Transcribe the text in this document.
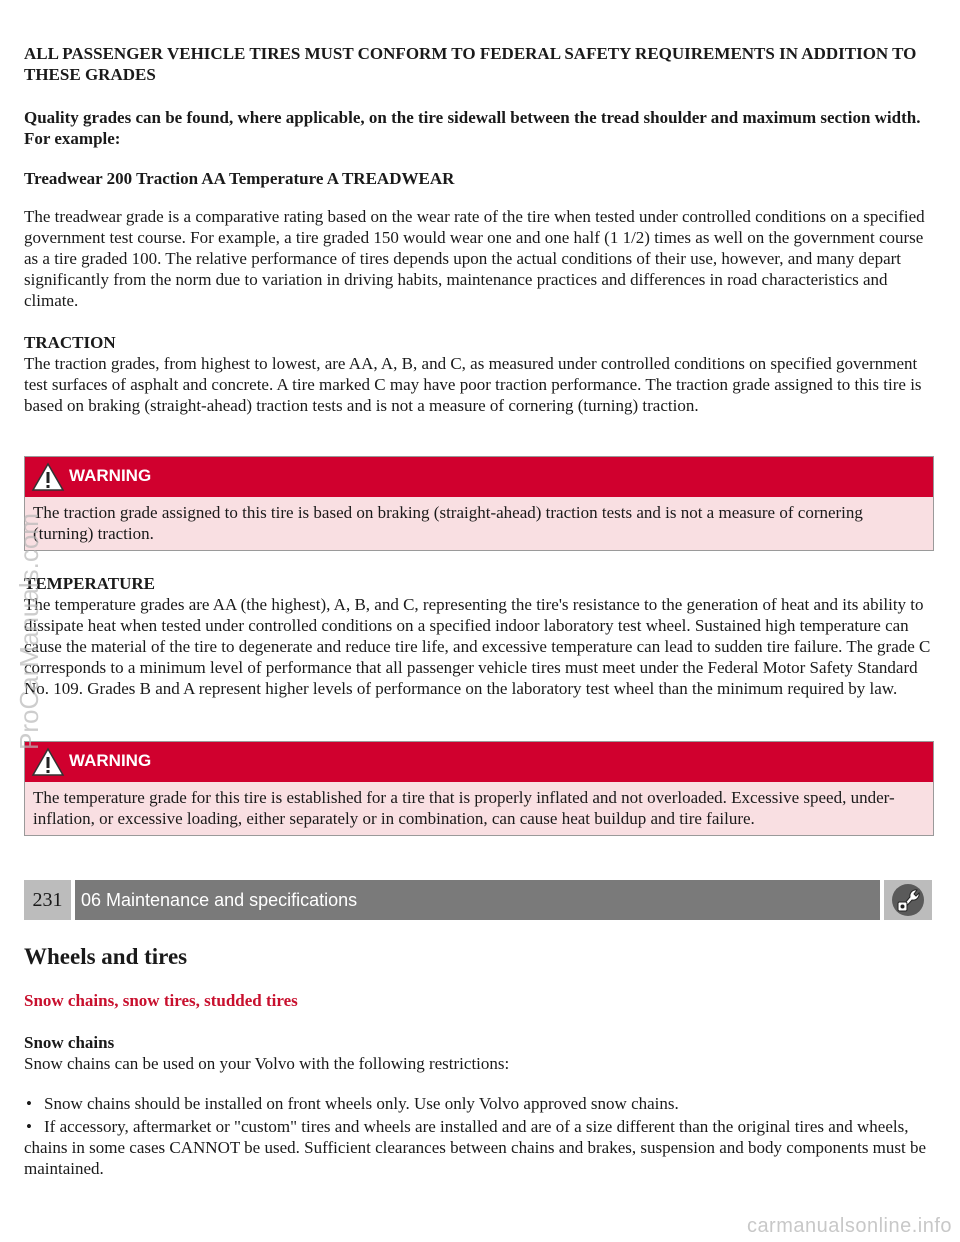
ALL PASSENGER VEHICLE TIRES MUST CONFORM TO FEDERAL SAFETY REQUIREMENTS IN ADDITION TO THESE GRADES

Quality grades can be found, where applicable, on the tire sidewall between the tread shoulder and maximum section width. For example:

Treadwear 200 Traction AA Temperature A TREADWEAR

The treadwear grade is a comparative rating based on the wear rate of the tire when tested under controlled conditions on a specified government test course. For example, a tire graded 150 would wear one and one half (1 1/2) times as well on the government course as a tire graded 100. The relative performance of tires depends upon the actual conditions of their use, however, and many depart significantly from the norm due to variation in driving habits, maintenance practices and differences in road characteristics and climate.

TRACTION

The traction grades, from highest to lowest, are AA, A, B, and C, as measured under controlled conditions on specified government test surfaces of asphalt and concrete. A tire marked C may have poor traction performance. The traction grade assigned to this tire is based on braking (straight-ahead) traction tests and is not a measure of cornering (turning) traction.

WARNING
The traction grade assigned to this tire is based on braking (straight-ahead) traction tests and is not a measure of cornering (turning) traction.

TEMPERATURE

The temperature grades are AA (the highest), A, B, and C, representing the tire's resistance to the generation of heat and its ability to dissipate heat when tested under controlled conditions on a specified indoor laboratory test wheel. Sustained high temperature can cause the material of the tire to degenerate and reduce tire life, and excessive temperature can lead to sudden tire failure. The grade C corresponds to a minimum level of performance that all passenger vehicle tires must meet under the Federal Motor Safety Standard No. 109. Grades B and A represent higher levels of performance on the laboratory test wheel than the minimum required by law.

WARNING
The temperature grade for this tire is established for a tire that is properly inflated and not overloaded. Excessive speed, under-inflation, or excessive loading, either separately or in combination, can cause heat buildup and tire failure.
231	06 Maintenance and specifications
Wheels and tires
Snow chains, snow tires, studded tires

Snow chains

Snow chains can be used on your Volvo with the following restrictions:

• Snow chains should be installed on front wheels only. Use only Volvo approved snow chains.
• If accessory, aftermarket or "custom" tires and wheels are installed and are of a size different than the original tires and wheels, chains in some cases CANNOT be used. Sufficient clearances between chains and brakes, suspension and body components must be maintained.
ProCarManuals.com
carmanualsonline.info
